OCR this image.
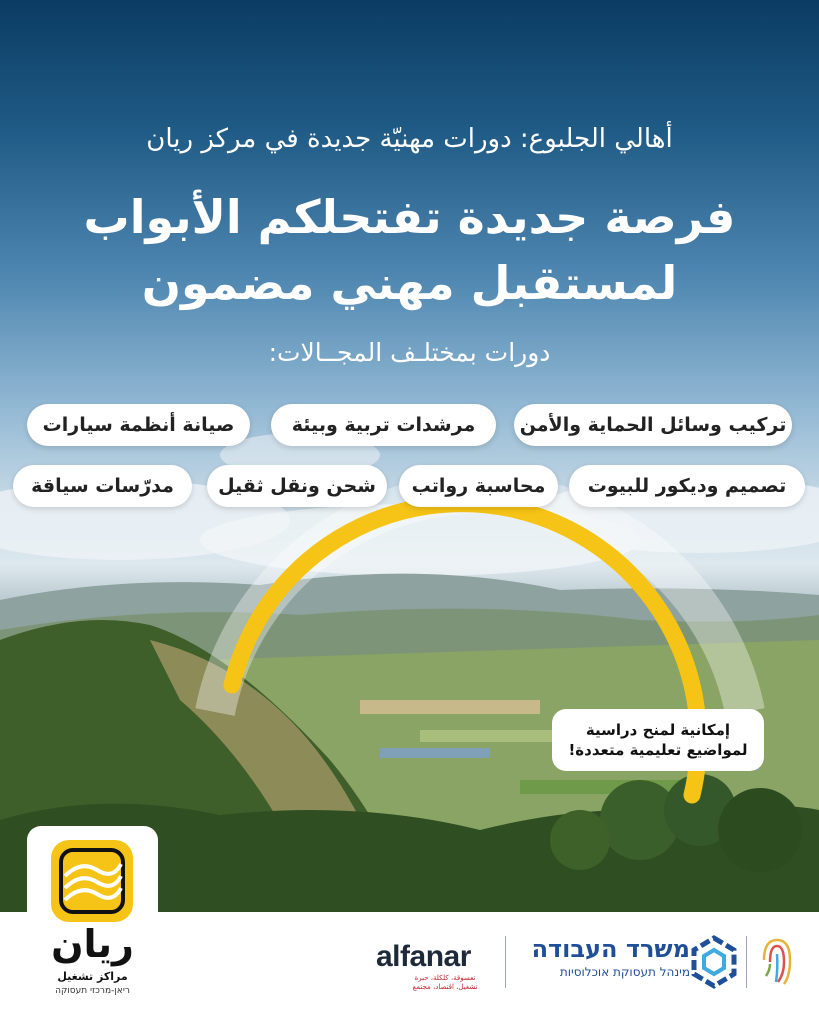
أهالي الجلبوع: دورات مهنيّة جديدة في مركز ريان
فرصة جديدة تفتحلكم الأبواب
لمستقبل مهني مضمون
دورات بمختلـف المجــالات:
تركيب وسائل الحماية والأمن
مرشدات تربية وبيئة
صيانة أنظمة سيارات
تصميم وديكور للبيوت
محاسبة رواتب
شحن ونقل ثقيل
مدرّسات سياقة
إمكانية لمنح دراسية
لمواضيع تعليمية متعددة!
ريان
مراكز تشغيل
ריאן-מרכזי תעסוקה
alfanar
تعسوقة، كلكلة، حبرة
تشغيل، اقتصاد، مجتمع
משרד העבודה
מינהל תעסוקת אוכלוסיות
